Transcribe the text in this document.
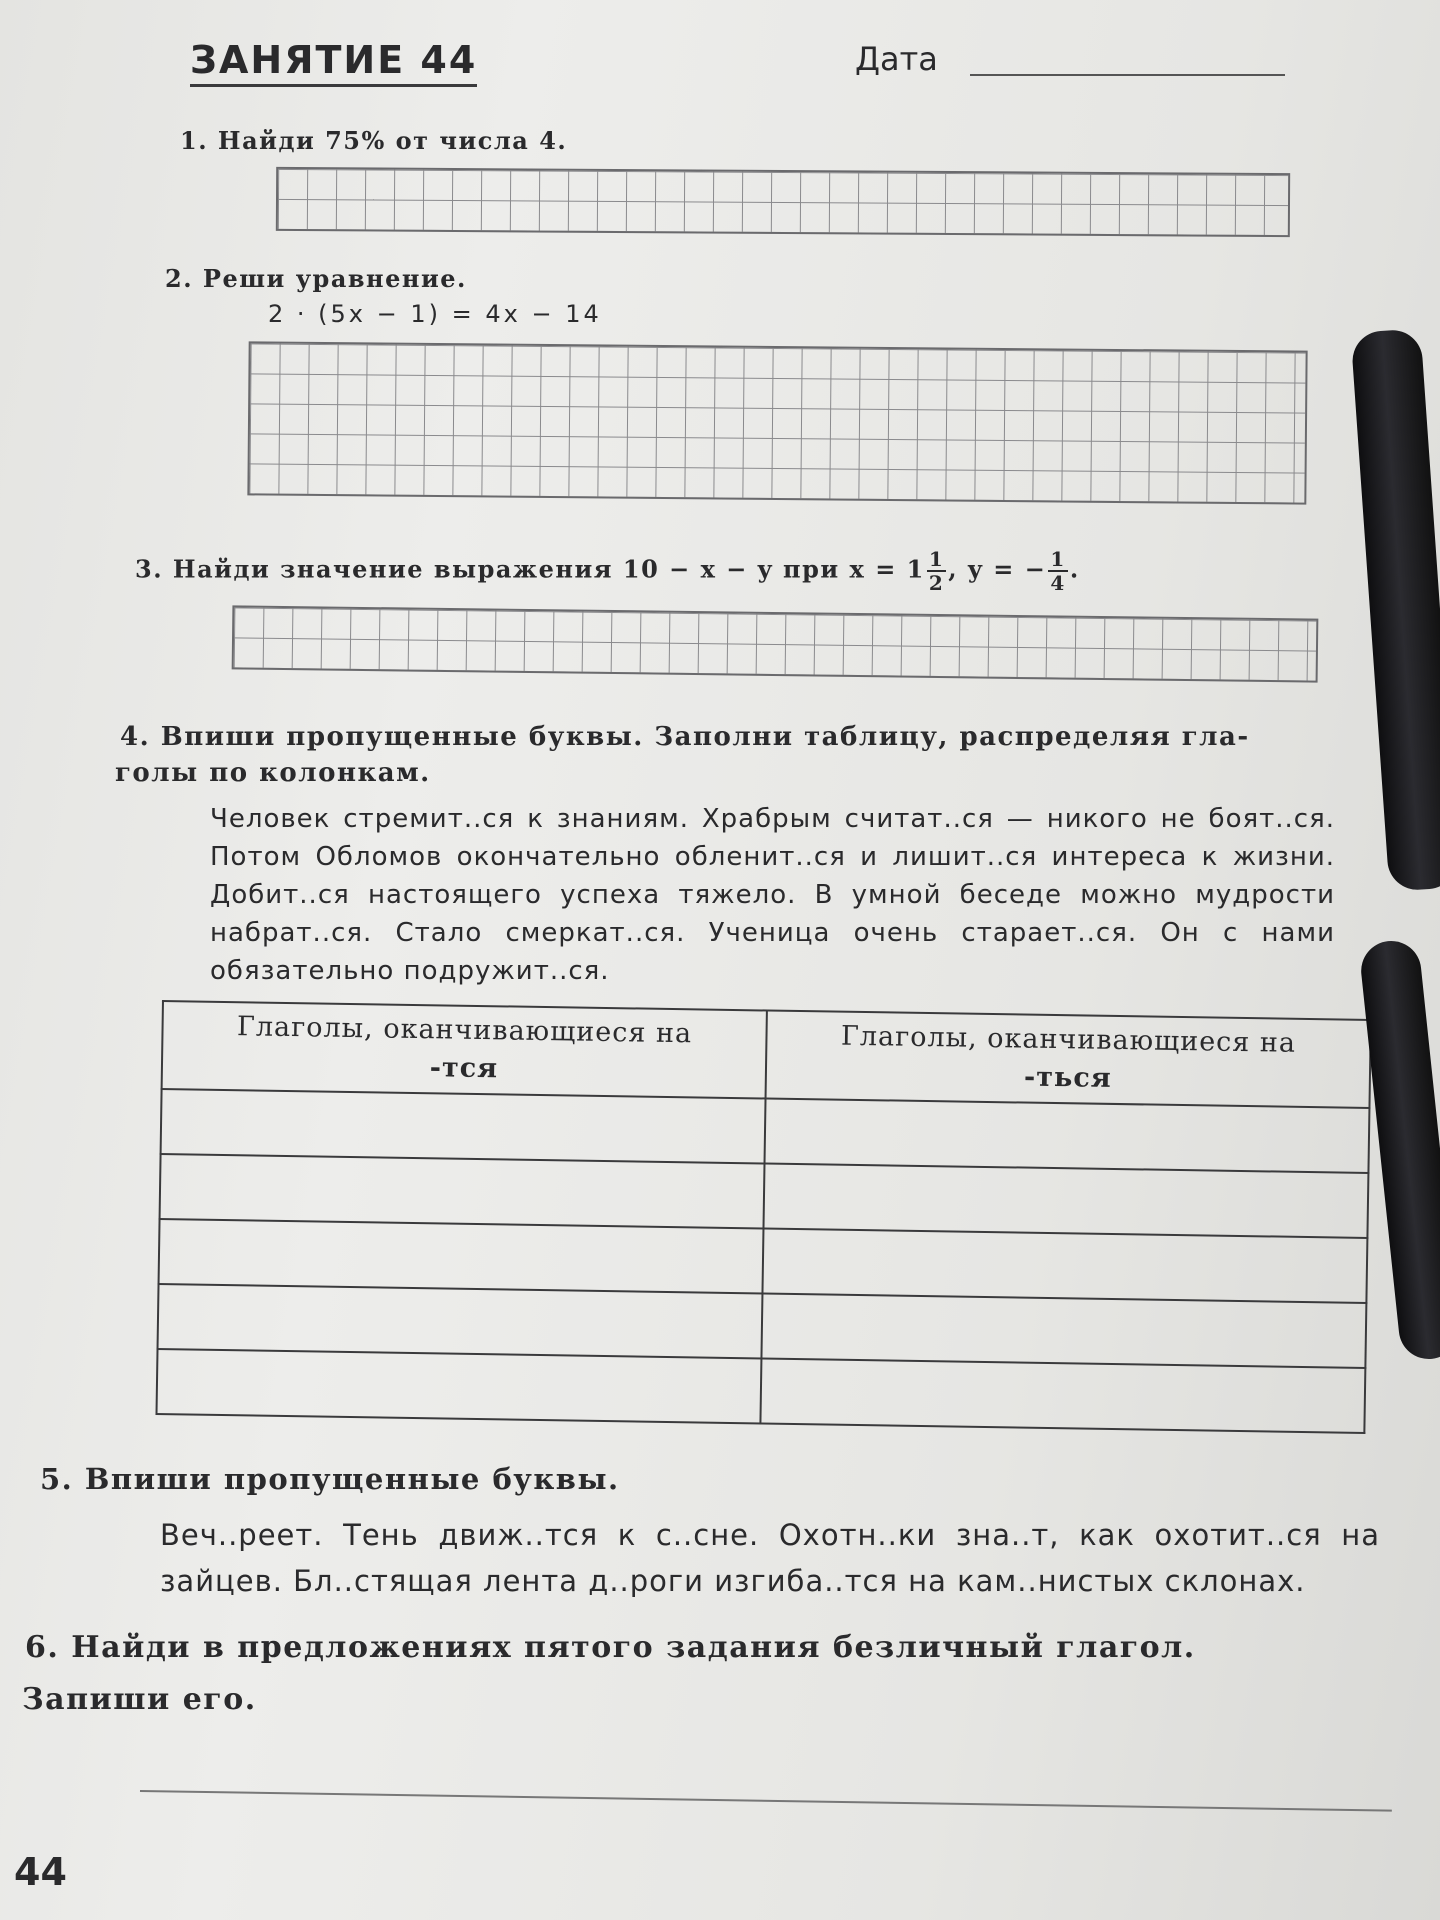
ЗАНЯТИЕ 44	Дата
1. Найди 75% от числа 4.
2. Реши уравнение.
2 · (5x − 1) = 4x − 14
3. Найди значение выражения 10 − x − y при $x = 1 \frac{1}{2}$ , y = − $\frac{1}{4}$ .
4. Впиши пропущенные буквы. Заполни таблицу, распределяя гла-
голы по колонкам.
Человек стремит..ся к знаниям. Храбрым считат..ся — никого не боят..ся. Потом Обломов окончательно обленит..ся и лишит..ся интереса к жизни. Добит..ся настоящего успеха тяжело. В умной беседе можно мудрости набрат..ся. Стало смеркат..ся. Ученица очень старает..ся. Он с нами обязательно подружит..ся.
Глаголы, оканчивающиеся на
-тся	Глаголы, оканчивающиеся на
-ться

5. Впиши пропущенные буквы.
Веч..реет. Тень движ..тся к с..сне. Охотн..ки зна..т, как охотит..ся на зайцев. Бл..стящая лента д..роги изгиба..тся на кам..нистых склонах.
6. Найди в предложениях пятого задания безличный глагол.
Запиши его.
44
